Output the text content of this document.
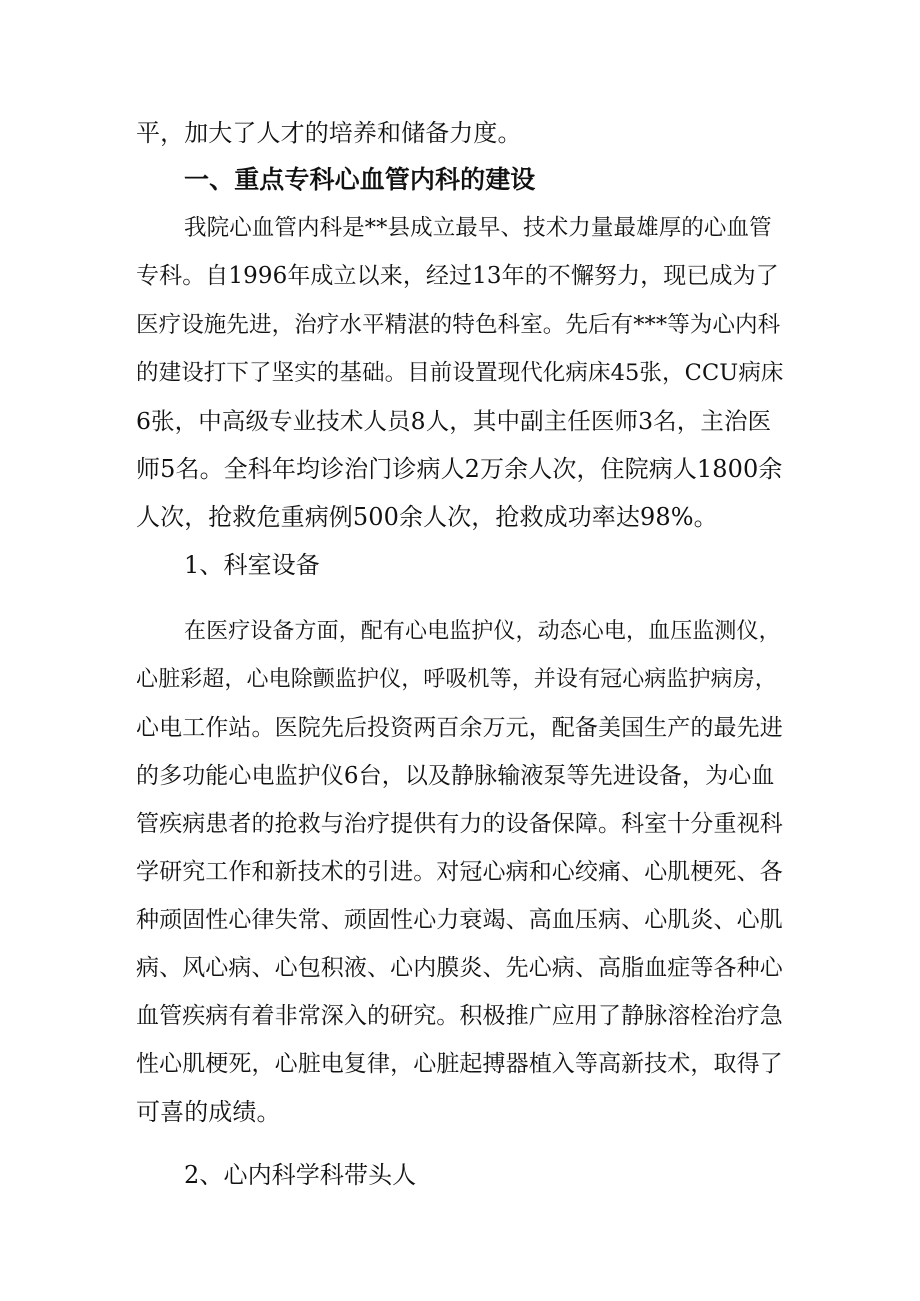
平，加大了人才的培养和储备力度。
一、重点专科心血管内科的建设
我院心血管内科是**县成立最早、技术力量最雄厚的心血管
专科。自1996年成立以来，经过13年的不懈努力，现已成为了
医疗设施先进，治疗水平精湛的特色科室。先后有***等为心内科
的建设打下了坚实的基础。目前设置现代化病床45张，CCU病床
6张，中高级专业技术人员8人，其中副主任医师3名，主治医
师5名。全科年均诊治门诊病人2万余人次，住院病人1800余
人次，抢救危重病例500余人次，抢救成功率达98%。
1、科室设备
在医疗设备方面，配有心电监护仪，动态心电，血压监测仪，
心脏彩超，心电除颤监护仪，呼吸机等，并设有冠心病监护病房，
心电工作站。医院先后投资两百余万元，配备美国生产的最先进
的多功能心电监护仪6台，以及静脉输液泵等先进设备，为心血
管疾病患者的抢救与治疗提供有力的设备保障。科室十分重视科
学研究工作和新技术的引进。对冠心病和心绞痛、心肌梗死、各
种顽固性心律失常、顽固性心力衰竭、高血压病、心肌炎、心肌
病、风心病、心包积液、心内膜炎、先心病、高脂血症等各种心
血管疾病有着非常深入的研究。积极推广应用了静脉溶栓治疗急
性心肌梗死，心脏电复律，心脏起搏器植入等高新技术，取得了
可喜的成绩。
2、心内科学科带头人
